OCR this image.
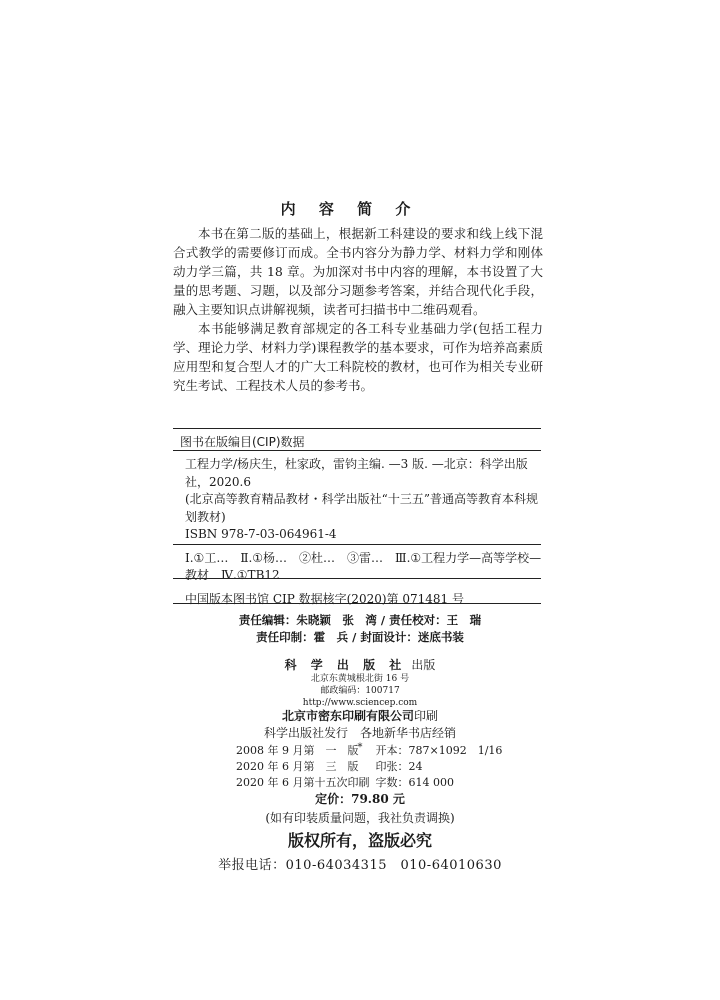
内 容 简 介

本书在第二版的基础上，根据新工科建设的要求和线上线下混合式教学的需要修订而成。全书内容分为静力学、材料力学和刚体动力学三篇，共 18 章。为加深对书中内容的理解，本书设置了大量的思考题、习题，以及部分习题参考答案，并结合现代化手段，融入主要知识点讲解视频，读者可扫描书中二维码观看。

本书能够满足教育部规定的各工科专业基础力学(包括工程力学、理论力学、材料力学)课程教学的基本要求，可作为培养高素质应用型和复合型人才的广大工科院校的教材，也可作为相关专业研究生考试、工程技术人员的参考书。

图书在版编目(CIP)数据

工程力学/杨庆生，杜家政，雷钧主编. —3 版. —北京：科学出版社，2020.6

(北京高等教育精品教材・科学出版社“十三五”普通高等教育本科规划教材)

ISBN 978-7-03-064961-4

Ⅰ.①工…　Ⅱ.①杨…　②杜…　③雷…　Ⅲ.①工程力学—高等学校—教材　Ⅳ.①TB12

中国版本图书馆 CIP 数据核字(2020)第 071481 号

责任编辑：朱晓颖　张　湾 / 责任校对：王　瑞

责任印制：霍　兵 / 封面设计：迷底书装

科 学 出 版 社 出版

北京东黄城根北街 16 号

邮政编码：100717

http://www.sciencep.com

北京市密东印刷有限公司印刷

科学出版社发行　各地新华书店经销

*

2008 年 9 月第　一　版	开本：787×1092　1/16
2020 年 6 月第　三　版	印张：24
2020 年 6 月第十五次印刷	字数：614 000
定价：79.80 元
(如有印装质量问题，我社负责调换)
版权所有，盗版必究
举报电话：010-64034315　010-64010630
